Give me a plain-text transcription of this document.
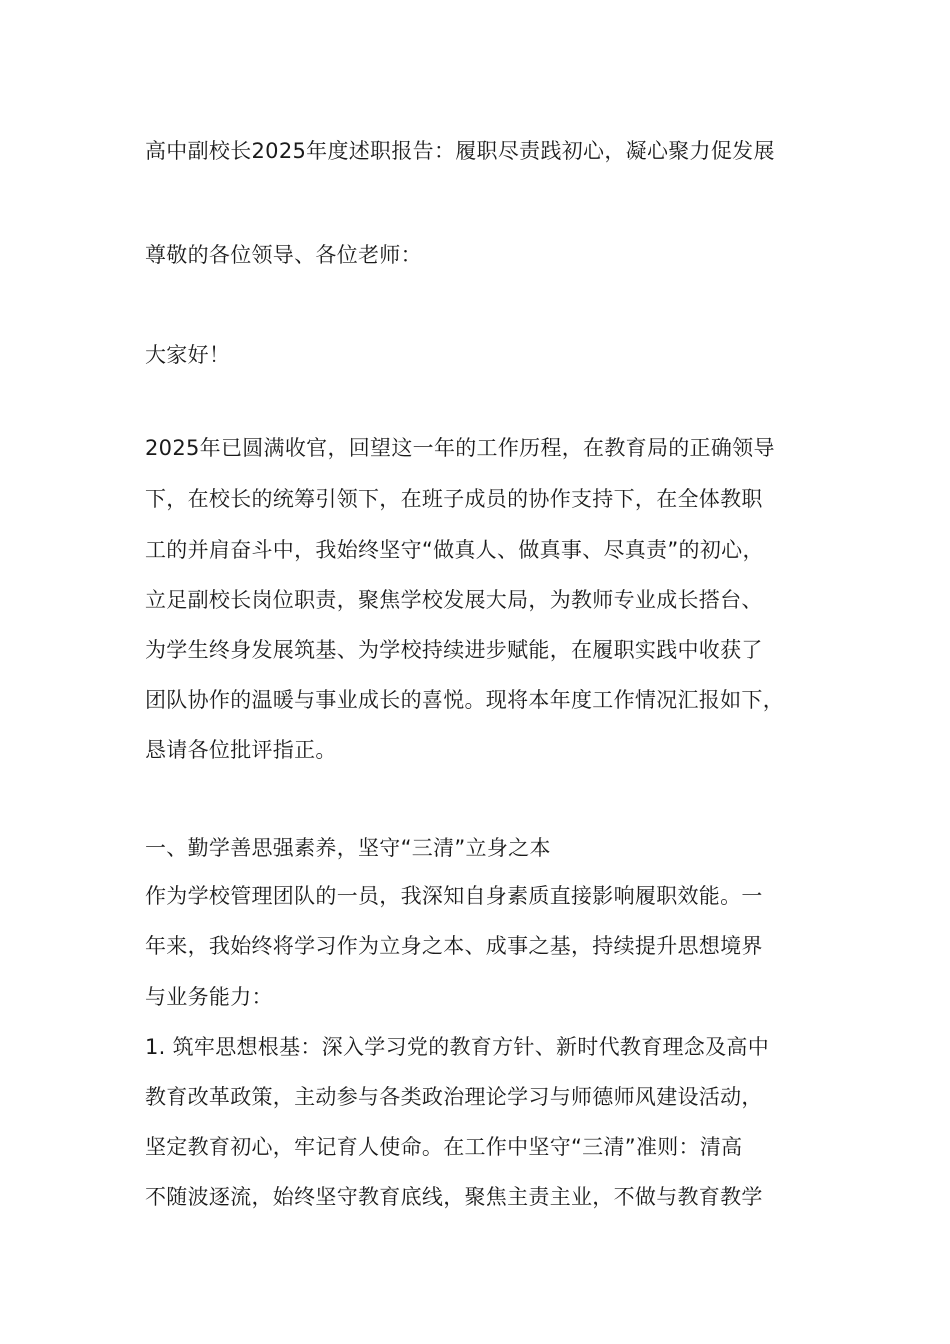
高中副校长2025年度述职报告：履职尽责践初心，凝心聚力促发展
尊敬的各位领导、各位老师：
大家好！
2025年已圆满收官，回望这一年的工作历程，在教育局的正确领导
下，在校长的统筹引领下，在班子成员的协作支持下，在全体教职
工的并肩奋斗中，我始终坚守“做真人、做真事、尽真责”的初心，
立足副校长岗位职责，聚焦学校发展大局，为教师专业成长搭台、
为学生终身发展筑基、为学校持续进步赋能，在履职实践中收获了
团队协作的温暖与事业成长的喜悦。现将本年度工作情况汇报如下，
恳请各位批评指正。
一、勤学善思强素养，坚守“三清”立身之本
作为学校管理团队的一员，我深知自身素质直接影响履职效能。一
年来，我始终将学习作为立身之本、成事之基，持续提升思想境界
与业务能力：
1. 筑牢思想根基：深入学习党的教育方针、新时代教育理念及高中
教育改革政策，主动参与各类政治理论学习与师德师风建设活动，
坚定教育初心，牢记育人使命。在工作中坚守“三清”准则：清高
不随波逐流，始终坚守教育底线，聚焦主责主业，不做与教育教学
